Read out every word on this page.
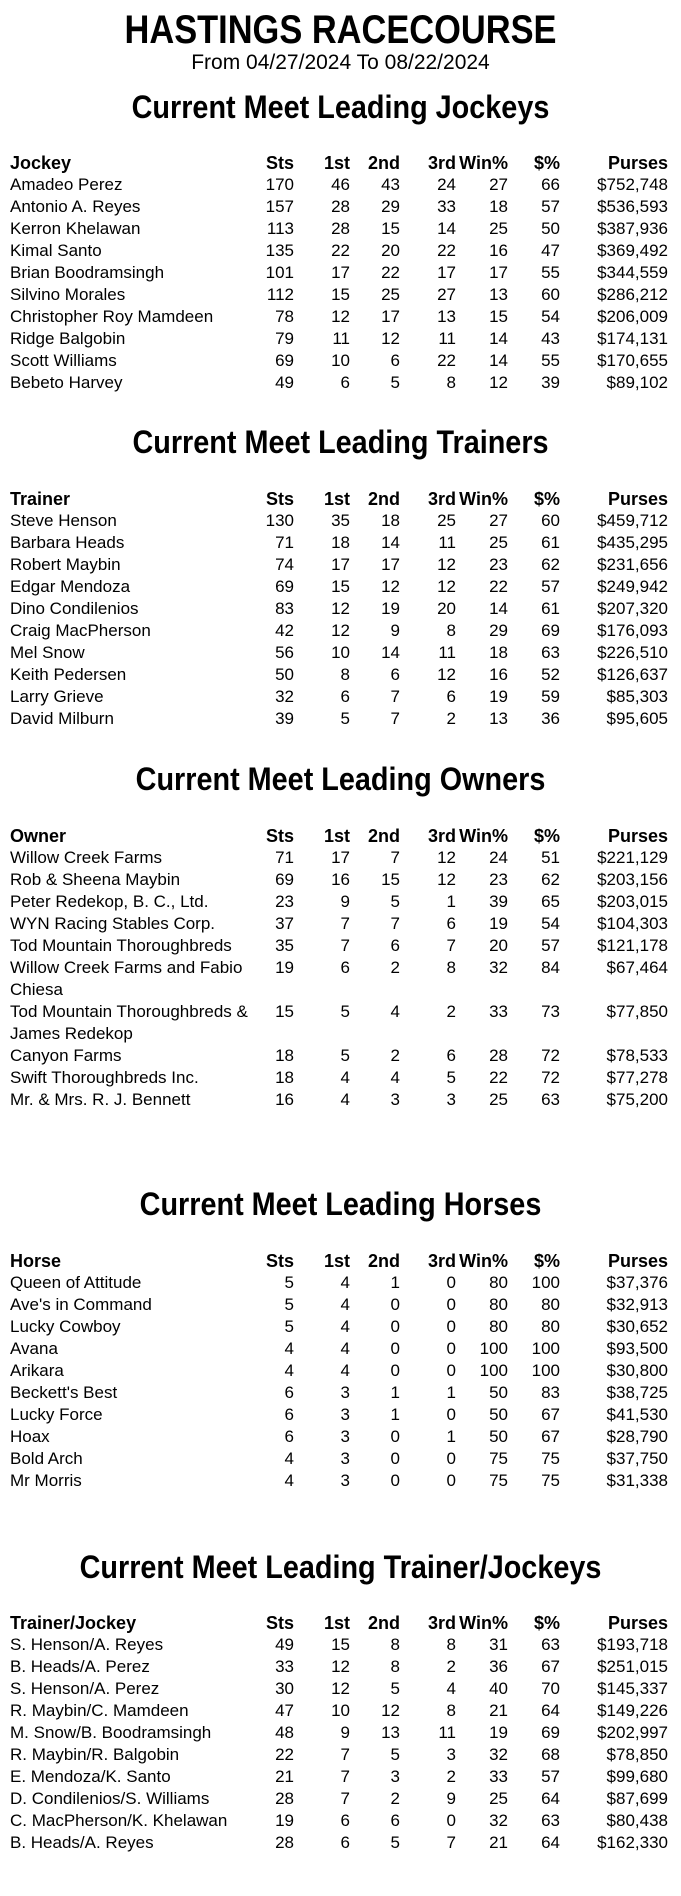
HASTINGS RACECOURSE
From 04/27/2024 To 08/22/2024
Current Meet Leading Jockeys
Jockey	Sts	1st	2nd	3rd	Win%	$%	Purses
Amadeo Perez	170	46	43	24	27	66	$752,748
Antonio A. Reyes	157	28	29	33	18	57	$536,593
Kerron Khelawan	113	28	15	14	25	50	$387,936
Kimal Santo	135	22	20	22	16	47	$369,492
Brian Boodramsingh	101	17	22	17	17	55	$344,559
Silvino Morales	112	15	25	27	13	60	$286,212
Christopher Roy Mamdeen	78	12	17	13	15	54	$206,009
Ridge Balgobin	79	11	12	11	14	43	$174,131
Scott Williams	69	10	6	22	14	55	$170,655
Bebeto Harvey	49	6	5	8	12	39	$89,102
Current Meet Leading Trainers
Trainer	Sts	1st	2nd	3rd	Win%	$%	Purses
Steve Henson	130	35	18	25	27	60	$459,712
Barbara Heads	71	18	14	11	25	61	$435,295
Robert Maybin	74	17	17	12	23	62	$231,656
Edgar Mendoza	69	15	12	12	22	57	$249,942
Dino Condilenios	83	12	19	20	14	61	$207,320
Craig MacPherson	42	12	9	8	29	69	$176,093
Mel Snow	56	10	14	11	18	63	$226,510
Keith Pedersen	50	8	6	12	16	52	$126,637
Larry Grieve	32	6	7	6	19	59	$85,303
David Milburn	39	5	7	2	13	36	$95,605
Current Meet Leading Owners
Owner	Sts	1st	2nd	3rd	Win%	$%	Purses
Willow Creek Farms	71	17	7	12	24	51	$221,129
Rob & Sheena Maybin	69	16	15	12	23	62	$203,156
Peter Redekop, B. C., Ltd.	23	9	5	1	39	65	$203,015
WYN Racing Stables Corp.	37	7	7	6	19	54	$104,303
Tod Mountain Thoroughbreds	35	7	6	7	20	57	$121,178
Willow Creek Farms and Fabio Chiesa	19	6	2	8	32	84	$67,464
Tod Mountain Thoroughbreds & James Redekop	15	5	4	2	33	73	$77,850
Canyon Farms	18	5	2	6	28	72	$78,533
Swift Thoroughbreds Inc.	18	4	4	5	22	72	$77,278
Mr. & Mrs. R. J. Bennett	16	4	3	3	25	63	$75,200
Current Meet Leading Horses
Horse	Sts	1st	2nd	3rd	Win%	$%	Purses
Queen of Attitude	5	4	1	0	80	100	$37,376
Ave's in Command	5	4	0	0	80	80	$32,913
Lucky Cowboy	5	4	0	0	80	80	$30,652
Avana	4	4	0	0	100	100	$93,500
Arikara	4	4	0	0	100	100	$30,800
Beckett's Best	6	3	1	1	50	83	$38,725
Lucky Force	6	3	1	0	50	67	$41,530
Hoax	6	3	0	1	50	67	$28,790
Bold Arch	4	3	0	0	75	75	$37,750
Mr Morris	4	3	0	0	75	75	$31,338
Current Meet Leading Trainer/Jockeys
Trainer/Jockey	Sts	1st	2nd	3rd	Win%	$%	Purses
S. Henson/A. Reyes	49	15	8	8	31	63	$193,718
B. Heads/A. Perez	33	12	8	2	36	67	$251,015
S. Henson/A. Perez	30	12	5	4	40	70	$145,337
R. Maybin/C. Mamdeen	47	10	12	8	21	64	$149,226
M. Snow/B. Boodramsingh	48	9	13	11	19	69	$202,997
R. Maybin/R. Balgobin	22	7	5	3	32	68	$78,850
E. Mendoza/K. Santo	21	7	3	2	33	57	$99,680
D. Condilenios/S. Williams	28	7	2	9	25	64	$87,699
C. MacPherson/K. Khelawan	19	6	6	0	32	63	$80,438
B. Heads/A. Reyes	28	6	5	7	21	64	$162,330
